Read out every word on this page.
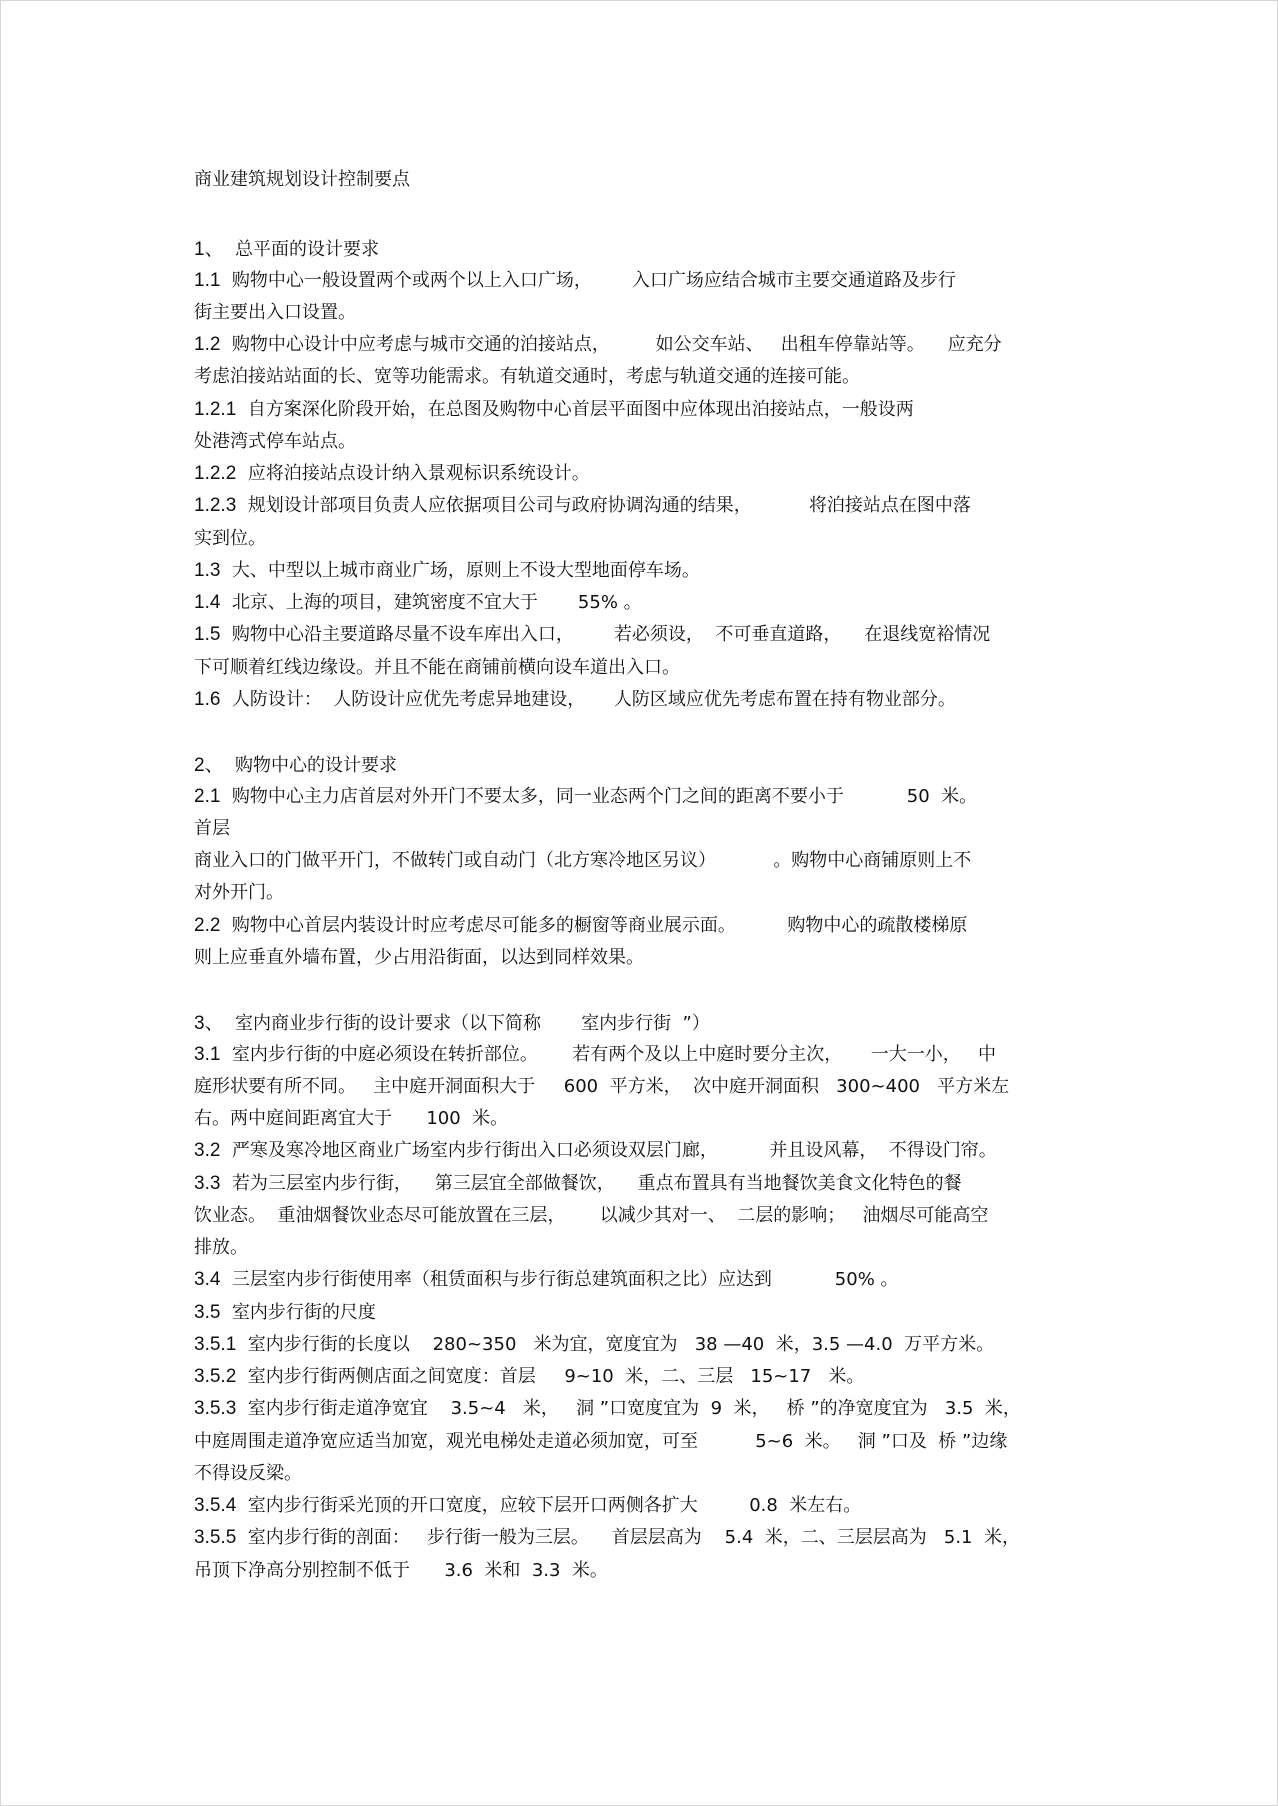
商业建筑规划设计控制要点
1、  总平面的设计要求
1.1  购物中心一般设置两个或两个以上入口广场，       入口广场应结合城市主要交通道路及步行
街主要出入口设置。
1.2  购物中心设计中应考虑与城市交通的泊接站点，        如公交车站、   出租车停靠站等。    应充分
考虑泊接站站面的长、宽等功能需求。有轨道交通时，考虑与轨道交通的连接可能。
1.2.1  自方案深化阶段开始，在总图及购物中心首层平面图中应体现出泊接站点，一般设两
处港湾式停车站点。
1.2.2  应将泊接站点设计纳入景观标识系统设计。
1.2.3  规划设计部项目负责人应依据项目公司与政府协调沟通的结果，          将泊接站点在图中落
实到位。
1.3  大、中型以上城市商业广场，原则上不设大型地面停车场。
1.4  北京、上海的项目，建筑密度不宜大于       55% 。
1.5  购物中心沿主要道路尽量不设车库出入口，       若必须设，  不可垂直道路，    在退线宽裕情况
下可顺着红线边缘设。并且不能在商铺前横向设车道出入口。
1.6  人防设计：  人防设计应优先考虑异地建设，     人防区域应优先考虑布置在持有物业部分。
2、  购物中心的设计要求
2.1  购物中心主力店首层对外开门不要太多，同一业态两个门之间的距离不要小于           50  米。
首层
商业入口的门做平开门，不做转门或自动门（北方寒冷地区另议）          。购物中心商铺原则上不
对外开门。
2.2  购物中心首层内装设计时应考虑尽可能多的橱窗等商业展示面。         购物中心的疏散楼梯原
则上应垂直外墙布置，少占用沿街面，以达到同样效果。
3、  室内商业步行街的设计要求（以下简称       室内步行街  ”）
3.1  室内步行街的中庭必须设在转折部位。      若有两个及以上中庭时要分主次，     一大一小，   中
庭形状要有所不同。   主中庭开洞面积大于     600  平方米，  次中庭开洞面积   300~400   平方米左
右。两中庭间距离宜大于      100  米。
3.2  严寒及寒冷地区商业广场室内步行街出入口必须设双层门廊，         并且设风幕，  不得设门帘。
3.3  若为三层室内步行街，    第三层宜全部做餐饮，    重点布置具有当地餐饮美食文化特色的餐
饮业态。  重油烟餐饮业态尽可能放置在三层，      以减少其对一、  二层的影响；   油烟尽可能高空
排放。
3.4  三层室内步行街使用率（租赁面积与步行街总建筑面积之比）应达到           50% 。
3.5  室内步行街的尺度
3.5.1  室内步行街的长度以    280~350   米为宜，宽度宜为   38 —40  米，3.5 —4.0  万平方米。
3.5.2  室内步行街两侧店面之间宽度：首层     9~10  米，二、三层   15~17   米。
3.5.3  室内步行街走道净宽宜    3.5~4   米，   洞 ”口宽度宜为  9  米，   桥 ”的净宽度宜为   3.5  米，
中庭周围走道净宽应适当加宽，观光电梯处走道必须加宽，可至          5~6  米。   洞 ”口及  桥 ”边缘
不得设反梁。
3.5.4  室内步行街采光顶的开口宽度，应较下层开口两侧各扩大         0.8  米左右。
3.5.5  室内步行街的剖面：   步行街一般为三层。    首层层高为    5.4  米，二、三层层高为   5.1  米，
吊顶下净高分别控制不低于      3.6  米和  3.3  米。
